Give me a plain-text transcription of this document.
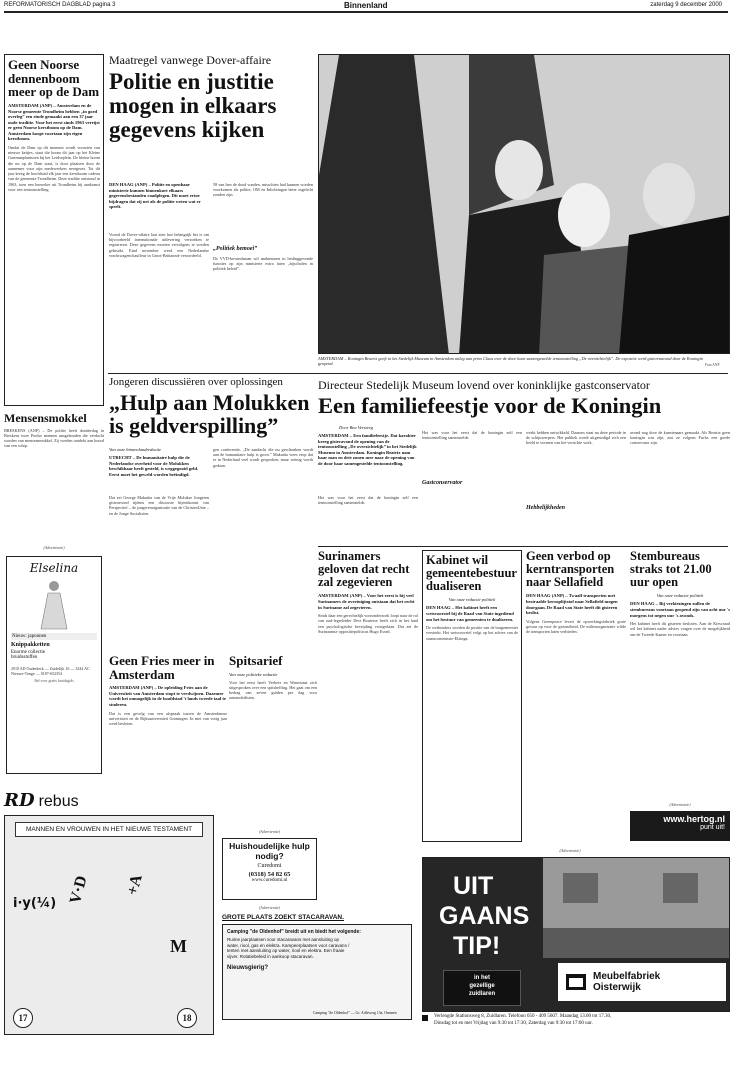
REFORMATORISCH DAGBLAD pagina 3	Binnenland	zaterdag 9 december 2000
Geen Noorse dennenboom meer op de Dam
AMSTERDAM (ANP) – Amsterdam en de Noorse gemeente Trondheim hebben „in goed overleg” een einde gemaakt aan een 37 jaar oude traditie. Voor het eerst sinds 1963 verrijst er geen Noorse kerstboom op de Dam. Amsterdam koopt voortaan zijn eigen kerstboom.
Omdat de Dam op dit moment wordt voorzien van nieuwe keitjes, staat die boom dit jaar op het Kleine Gartmanplantsoen bij het Leidseplein. De kleine boom die nu op de Dam staat, is door plaatsen door de aannemer voor zijn medewerkers neergezet. Tot dit jaar kreeg de hoofdstad elk jaar een kerstboom cadeau van de gemeente Trondheim. Deze traditie ontstond in 1963, toen een bezoeker uit Trondheim bij aankomst voor een tentoonstelling.
Mensensmokkel
BRESKENS (ANP) – De politie heeft donderdag in Breskens twee Poolse mannen aangehouden die verdacht worden van mensensmokkel. Zij werden ontdekt aan boord van een schip.
(Advertentie)
Elselina
Nieuw: japonnen
Knippakketten
Enorme collectie
bruidsstoffen
2910 AD Ouderkerk — Zuidelijk 16 — 3244 AC Nieuwe-Tonge — 0187-652354
Bel voor gratis bruidsgids
RD rebus
MANNEN EN VROUWEN IN HET NIEUWE TESTAMENT
i·y(¼) V·D +A
M
17	18
Maatregel vanwege Dover-affaire
Politie en justitie mogen in elkaars gegevens kijken
DEN HAAG (ANP) – Politie en openbaar ministerie kunnen binnenkort elkaars gegevensbestanden raadplegen. Dit moet ertoe bijdragen dat zij net als de politie weten wat er speelt.
Vooral de Dover-affaire laat zien hoe belangrijk het is om bijvoorbeeld internationale uitlevering verzoeken te registreren. Deze gegevens moeten vervolgens te worden gebruikt. Eind november werd een Nederlandse vrachtwagenchauffeur in Groot-Brittannië veroordeeld.
58 van hen de dood vonden, misschien had kunnen worden voorkomen als politie, OM en Inlichtingen beter ingelicht zouden zijn.
„Politiek bemoei”
De VVD-bewindsman wil ambtenaren in leidinggevende functies op zijn ministerie extra laten „bijscholen in politiek beleid”.
AMSTERDAM – Koningin Beatrix geeft in het Stedelijk Museum in Amsterdam uitleg aan prins Claus over de door haar samengestelde tentoonstelling „De overzichtelijk”. De expositie werd gisterenavond door de Koningin geopend.	Foto ANP
Jongeren discussiëren over oplossingen
„Hulp aan Molukken is geldverspilling”
Van onze binnenlandredactie
UTRECHT – De humanitaire hulp die de Nederlandse overheid voor de Molukken beschikbaar heeft gesteld, is weggegooid geld. Eerst moet het geweld worden beëindigd.
Dat zei George Makatita van de Vrije Molukse Jongeren gisteravond tijdens een discussie bijeenkomst van Perspectief – de jongerenorganisatie van de ChristenUnie – en de Jonge Socialisten.
gen conferentie, „De aandacht die nu geschonken wordt aan de humanitaire hulp is groot.” Makatita wees erop dat er in Nederland veel wordt gesproken, maar weinig wordt gedaan.
Geen Fries meer in Amsterdam
AMSTERDAM (ANP) – De opleiding Fries aan de Universiteit van Amsterdam stopt te verdwijnen. Daarmee wordt het onmogelijk in de hoofdstad 't lands tweede taal te studeren.
Dat is een gevolg van een afspraak tussen de Amsterdamse universiteit en de Rijksuniversiteit Groningen. In mei van vorig jaar werd besloten.
Spitsarief
Van onze politieke redactie
Voor het eerst heeft Verkeer en Waterstaat zich uitgesproken over een spitsheffing. Het gaat om een bedrag van zeven gulden per dag voor automobilisten.
(Advertentie)
Huishoudelijke hulp nodig?
Curedomi
(0318) 54 82 65
www.curedomi.nl
(Advertentie)
GROTE PLAATS ZOEKT STACARAVAN.
Camping "de Oldenhof" breidt uit en biedt het volgende:
Ruime jaarplaatsen voor stacaravans met aansluiting op water, riool, gas en elektra. Kampeerplaatsen voor caravans / tenten met aansluiting op water, riool en elektra. Een fraaie vijver. Rotatiebeleid in aankoop stacaravan.
Nieuwsgierig?
Camping "de Oldenhof" — Gr. Adlewerg 13a, Ommen
Directeur Stedelijk Museum lovend over koninklijke gastconservator
Een familiefeestje voor de Koningin
Door Bea Versteeg
AMSTERDAM – Een familiefeestje. Dat karakter kreeg gisteravond de opening van de tentoonstelling „De overzichtelijk” in het Stedelijk Museum in Amsterdam. Koningin Beatrix nam haar man en drie zonen mee naar de opening van de door haar samengestelde tentoonstelling.
Het was voor het eerst dat de koningin zelf een tentoonstelling samenstelde.
Gastconservator
Het was voor het eerst dat de koningin zelf een tentoonstelling samenstelde.
werkt hebben ontwikkeld. Daarom staat nu deze periode in de schijnwerpers. Het publiek wordt uitgenodigd zich een beeld te vormen van het verrichte werk.
Hebbelijkheden
avond nog door de kunstenaars gemaakt. Als Beatrix geen koningin was zijn, zou ze volgens Fuchs een goede conservator zijn.
Surinamers geloven dat recht zal zegevieren
AMSTERDAM (ANP) – Voor het eerst is bij veel Surinamers de overtuiging ontstaan dat het recht in Suriname zal zegevieren.
Sinds daar een gerechtelijk vooronderzoek loopt naar de rol van oud-legerleider Desi Bouterse heeft zich in het land een psychologische bevrijding voorgedaan. Dat zei de Surinaamse oppositiepoliticus Hugo Essed.
Kabinet wil gemeentebestuur dualiseren
Van onze redactie politiek
DEN HAAG – Het kabinet heeft een wetsvoorstel bij de Raad van State ingediend om het bestuur van gemeenten te dualiseren.
De wethouders worden de positie van de burgemeester versterkt. Het wetsvoorstel volgt op het advies van de staatscommissie-Elzinga.
Geen verbod op kerntransporten naar Sellafield
DEN HAAG (ANP) – Twaalf transporten met bestraalde kernsplijtstof naar Sellafield mogen doorgaan. De Raad van State heeft dit gisteren beslist.
Volgens Greenpeace levert de opwerkingsfabriek grote gevaar op voor de gezondheid. De milieuorganisatie wilde de transporten laten verbieden.
Stembureaus straks tot 21.00 uur open
Van onze redactie politiek
DEN HAAG – Bij verkiezingen zullen de stembureaus voortaan geopend zijn van acht uur 's morgens tot negen uur 's avonds.
Het kabinet heeft dit gisteren besloten. Aan de Kiescraad wil het kabinet nader advies vragen over de mogelijkheid om de Tweede Kamer en voortaan.
(Advertentie)
www.hertog.nl
punt uit!
(Advertentie)
UIT
GAANS
TIP!
in het
gezellige
zuidlaren
Meubelfabriek
Oisterwijk
Verlengde Stationsweg 8, Zuidlaren. Telefoon 050 - 409 5607. Maandag 13.00 tot 17.30,
Dinsdag tot en met Vrijdag van 9:30 tot 17:30, Zaterdag van 9:30 tot 17:00 uur.
